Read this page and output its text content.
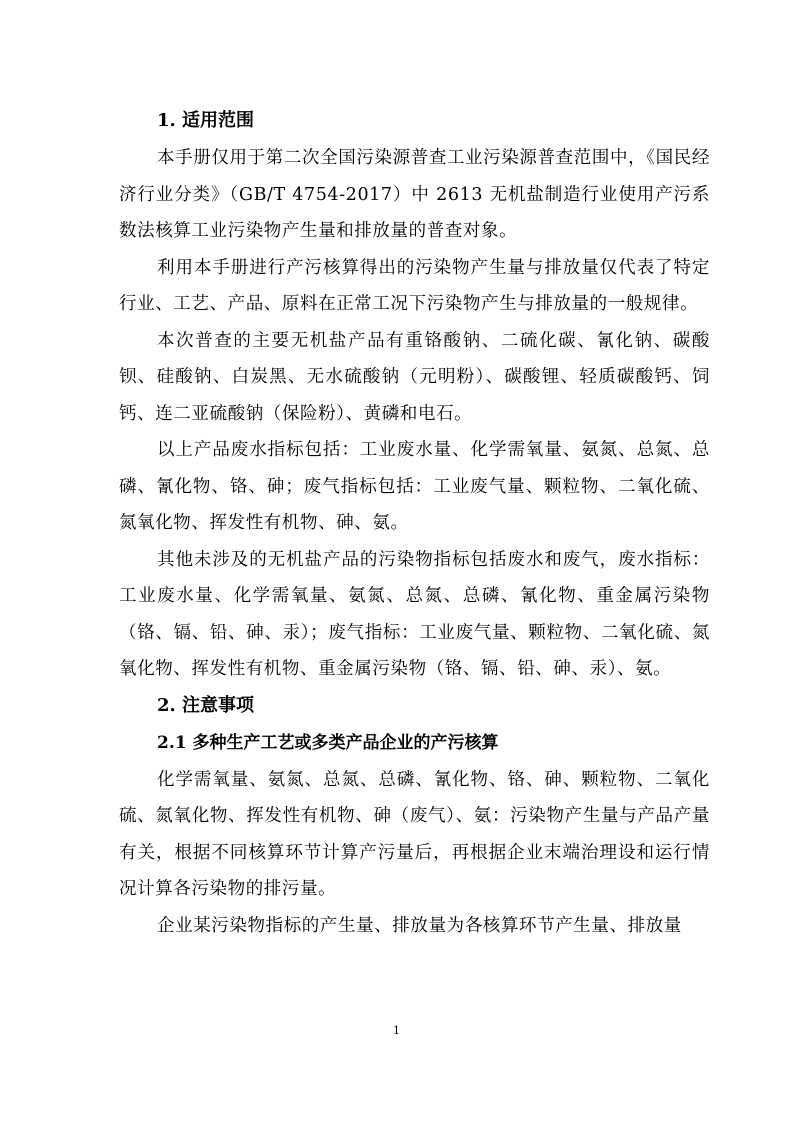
1. 适用范围

本手册仅用于第二次全国污染源普查工业污染源普查范围中，《国民经济行业分类》（GB/T 4754-2017）中 2613 无机盐制造行业使用产污系数法核算工业污染物产生量和排放量的普查对象。

利用本手册进行产污核算得出的污染物产生量与排放量仅代表了特定行业、工艺、产品、原料在正常工况下污染物产生与排放量的一般规律。

本次普查的主要无机盐产品有重铬酸钠、二硫化碳、氰化钠、碳酸钡、硅酸钠、白炭黑、无水硫酸钠（元明粉）、碳酸锂、轻质碳酸钙、饲钙、连二亚硫酸钠（保险粉）、黄磷和电石。

以上产品废水指标包括：工业废水量、化学需氧量、氨氮、总氮、总磷、氰化物、铬、砷；废气指标包括：工业废气量、颗粒物、二氧化硫、氮氧化物、挥发性有机物、砷、氨。

其他未涉及的无机盐产品的污染物指标包括废水和废气，废水指标：工业废水量、化学需氧量、氨氮、总氮、总磷、氰化物、重金属污染物（铬、镉、铅、砷、汞）；废气指标：工业废气量、颗粒物、二氧化硫、氮氧化物、挥发性有机物、重金属污染物（铬、镉、铅、砷、汞）、氨。

2. 注意事项
2.1 多种生产工艺或多类产品企业的产污核算

化学需氧量、氨氮、总氮、总磷、氰化物、铬、砷、颗粒物、二氧化硫、氮氧化物、挥发性有机物、砷（废气）、氨：污染物产生量与产品产量有关，根据不同核算环节计算产污量后，再根据企业末端治理设和运行情况计算各污染物的排污量。

企业某污染物指标的产生量、排放量为各核算环节产生量、排放量

1
